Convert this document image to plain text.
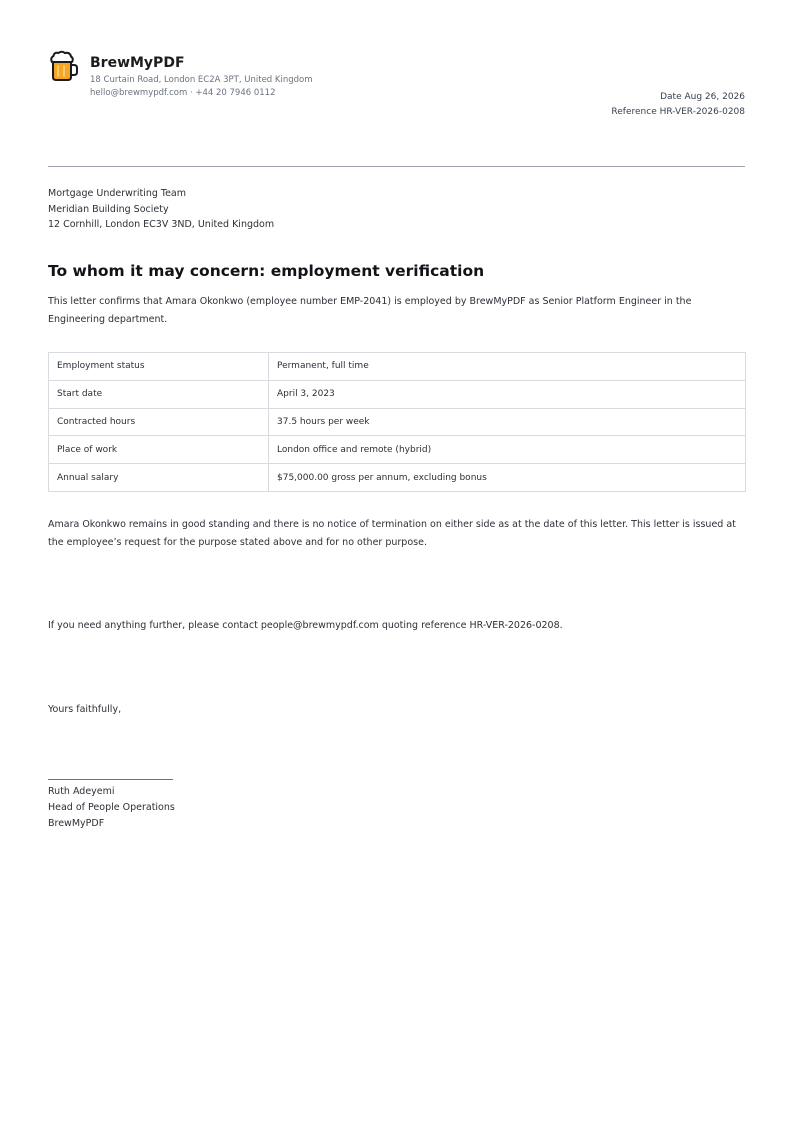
BrewMyPDF
18 Curtain Road, London EC2A 3PT, United Kingdom
hello@brewmypdf.com · +44 20 7946 0112	Date Aug 26, 2026
Reference HR-VER-2026-0208
Mortgage Underwriting Team
Meridian Building Society
12 Cornhill, London EC3V 3ND, United Kingdom
To whom it may concern: employment verification

This letter confirms that Amara Okonkwo (employee number EMP-2041) is employed by BrewMyPDF as Senior Platform Engineer in the Engineering department.

Employment status	Permanent, full time
Start date	April 3, 2023
Contracted hours	37.5 hours per week
Place of work	London office and remote (hybrid)
Annual salary	$75,000.00 gross per annum, excluding bonus

Amara Okonkwo remains in good standing and there is no notice of termination on either side as at the date of this letter. This letter is issued at the employee’s request for the purpose stated above and for no other purpose.

If you need anything further, please contact people@brewmypdf.com quoting reference HR-VER-2026-0208.

Yours faithfully,

Ruth Adeyemi
Head of People Operations
BrewMyPDF
